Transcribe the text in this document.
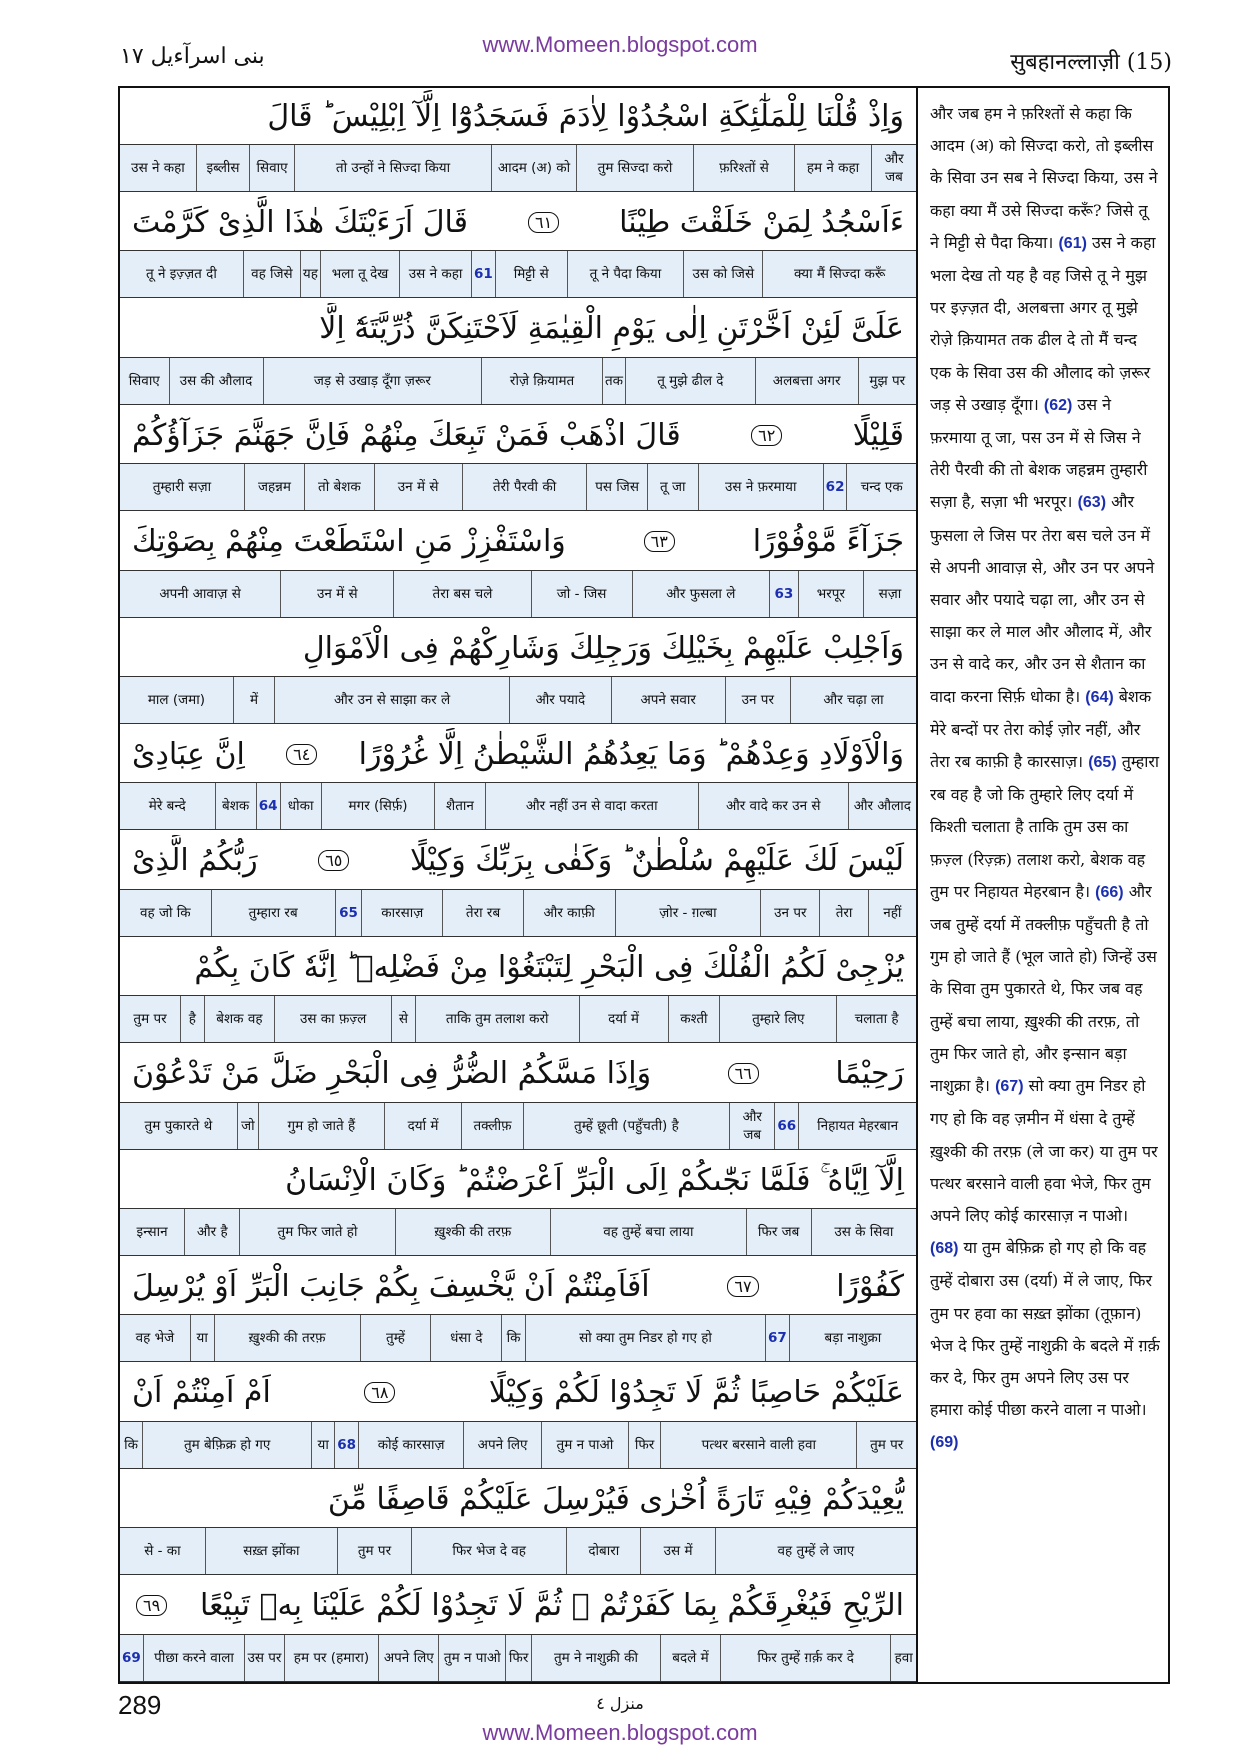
بنی اسرآءیل ۱۷	www.Momeen.blogspot.com
सुबहानल्लाज़ी (15)
وَاِذْ قُلْنَا لِلْمَلٰٓئِكَةِ اسْجُدُوْا لِاٰدَمَ فَسَجَدُوْٓا اِلَّآ اِبْلِيْسَ ؕ قَالَ
और जब
हम ने कहा
फ़रिश्तों से
तुम सिज्दा करो
आदम (अ) को
तो उन्हों ने सिज्दा किया
सिवाए
इब्लीस
उस ने कहा
ءَاَسْجُدُ لِمَنْ خَلَقْتَ طِيْنًا
٦١
قَالَ اَرَءَيْتَكَ هٰذَا الَّذِىْ كَرَّمْتَ
क्या मैं सिज्दा करूँ
उस को जिसे
तू ने पैदा किया
मिट्टी से
61
उस ने कहा
भला तू देख
यह
वह जिसे
तू ने इज़्ज़त दी
عَلَىَّ لَئِنْ اَخَّرْتَنِ اِلٰى يَوْمِ الْقِيٰمَةِ لَاَحْتَنِكَنَّ ذُرِّيَّتَهٗٓ اِلَّا
मुझ पर
अलबत्ता अगर
तू मुझे ढील दे
तक
रोज़े क़ियामत
जड़ से उखाड़ दूँगा ज़रूर
उस की औलाद
सिवाए
قَلِيْلًا
٦٢
قَالَ اذْهَبْ فَمَنْ تَبِعَكَ مِنْهُمْ فَاِنَّ جَهَنَّمَ جَزَآؤُكُمْ
चन्द एक
62
उस ने फ़रमाया
तू जा
पस जिस
तेरी पैरवी की
उन में से
तो बेशक
जहन्नम
तुम्हारी सज़ा
جَزَآءً مَّوْفُوْرًا
٦٣
وَاسْتَفْزِزْ مَنِ اسْتَطَعْتَ مِنْهُمْ بِصَوْتِكَ
सज़ा
भरपूर
63
और फुसला ले
जो - जिस
तेरा बस चले
उन में से
अपनी आवाज़ से
وَاَجْلِبْ عَلَيْهِمْ بِخَيْلِكَ وَرَجِلِكَ وَشَارِكْهُمْ فِى الْاَمْوَالِ
और चढ़ा ला
उन पर
अपने सवार
और पयादे
और उन से साझा कर ले
में
माल (जमा)
وَالْاَوْلَادِ وَعِدْهُمْ ؕ وَمَا يَعِدُهُمُ الشَّيْطٰنُ اِلَّا غُرُوْرًا
٦٤
اِنَّ عِبَادِىْ
और औलाद
और वादे कर उन से
और नहीं उन से वादा करता
शैतान
मगर (सिर्फ़)
धोका
64
बेशक
मेरे बन्दे
لَيْسَ لَكَ عَلَيْهِمْ سُلْطٰنٌ ؕ وَكَفٰى بِرَبِّكَ وَكِيْلًا
٦٥
رَبُّكُمُ الَّذِىْ
नहीं
तेरा
उन पर
ज़ोर - ग़ल्बा
और काफ़ी
तेरा रब
कारसाज़
65
तुम्हारा रब
वह जो कि
يُزْجِىْ لَكُمُ الْفُلْكَ فِى الْبَحْرِ لِتَبْتَغُوْا مِنْ فَضْلِهٖ ؕ اِنَّهٗ كَانَ بِكُمْ
चलाता है
तुम्हारे लिए
कश्ती
दर्या में
ताकि तुम तलाश करो
से
उस का फ़ज़्ल
बेशक वह
है
तुम पर
رَحِيْمًا
٦٦
وَاِذَا مَسَّكُمُ الضُّرُّ فِى الْبَحْرِ ضَلَّ مَنْ تَدْعُوْنَ
निहायत मेहरबान
66
और जब
तुम्हें छूती (पहुँचती) है
तक्लीफ़
दर्या में
गुम हो जाते हैं
जो
तुम पुकारते थे
اِلَّآ اِيَّاهُ ۚ فَلَمَّا نَجّٰىكُمْ اِلَى الْبَرِّ اَعْرَضْتُمْ ؕ وَكَانَ الْاِنْسَانُ
उस के सिवा
फिर जब
वह तुम्हें बचा लाया
ख़ुश्की की तरफ़
तुम फिर जाते हो
और है
इन्सान
كَفُوْرًا
٦٧
اَفَاَمِنْتُمْ اَنْ يَّخْسِفَ بِكُمْ جَانِبَ الْبَرِّ اَوْ يُرْسِلَ
बड़ा नाशुक्रा
67
सो क्या तुम निडर हो गए हो
कि
धंसा दे
तुम्हें
ख़ुश्की की तरफ़
या
वह भेजे
عَلَيْكُمْ حَاصِبًا ثُمَّ لَا تَجِدُوْا لَكُمْ وَكِيْلًا
٦٨
اَمْ اَمِنْتُمْ اَنْ
तुम पर
पत्थर बरसाने वाली हवा
फिर
तुम न पाओ
अपने लिए
कोई कारसाज़
68
या
तुम बेफ़िक्र हो गए
कि
يُّعِيْدَكُمْ فِيْهِ تَارَةً اُخْرٰى فَيُرْسِلَ عَلَيْكُمْ قَاصِفًا مِّنَ
वह तुम्हें ले जाए
उस में
दोबारा
फिर भेज दे वह
तुम पर
सख़्त झोंका
से - का
الرِّيْحِ فَيُغْرِقَكُمْ بِمَا كَفَرْتُمْ ۙ ثُمَّ لَا تَجِدُوْا لَكُمْ عَلَيْنَا بِهٖ تَبِيْعًا
٦٩
हवा
फिर तुम्हें ग़र्क़ कर दे
बदले में
तुम ने नाशुक्री की
फिर
तुम न पाओ
अपने लिए
हम पर (हमारा)
उस पर
पीछा करने वाला
69
और जब हम ने फ़रिश्तों से कहा कि आदम (अ) को सिज्दा करो, तो इब्लीस के सिवा उन सब ने सिज्दा किया, उस ने कहा क्या मैं उसे सिज्दा करूँ? जिसे तू ने मिट्टी से पैदा किया। (61) उस ने कहा भला देख तो यह है वह जिसे तू ने मुझ पर इज़्ज़त दी, अलबत्ता अगर तू मुझे रोज़े क़ियामत तक ढील दे तो मैं चन्द एक के सिवा उस की औलाद को ज़रूर जड़ से उखाड़ दूँगा। (62) उस ने फ़रमाया तू जा, पस उन में से जिस ने तेरी पैरवी की तो बेशक जहन्नम तुम्हारी सज़ा है, सज़ा भी भरपूर। (63) और फुसला ले जिस पर तेरा बस चले उन में से अपनी आवाज़ से, और उन पर अपने सवार और पयादे चढ़ा ला, और उन से साझा कर ले माल और औलाद में, और उन से वादे कर, और उन से शैतान का वादा करना सिर्फ़ धोका है। (64) बेशक मेरे बन्दों पर तेरा कोई ज़ोर नहीं, और तेरा रब काफ़ी है कारसाज़। (65) तुम्हारा रब वह है जो कि तुम्हारे लिए दर्या में किश्ती चलाता है ताकि तुम उस का फ़ज़्ल (रिज़्क़) तलाश करो, बेशक वह तुम पर निहायत मेहरबान है। (66) और जब तुम्हें दर्या में तक्लीफ़ पहुँचती है तो गुम हो जाते हैं (भूल जाते हो) जिन्हें उस के सिवा तुम पुकारते थे, फिर जब वह तुम्हें बचा लाया, ख़ुश्की की तरफ़, तो तुम फिर जाते हो, और इन्सान बड़ा नाशुक्रा है। (67) सो क्या तुम निडर हो गए हो कि वह ज़मीन में धंसा दे तुम्हें ख़ुश्की की तरफ़ (ले जा कर) या तुम पर पत्थर बरसाने वाली हवा भेजे, फिर तुम अपने लिए कोई कारसाज़ न पाओ। (68) या तुम बेफ़िक्र हो गए हो कि वह तुम्हें दोबारा उस (दर्या) में ले जाए, फिर तुम पर हवा का सख़्त झोंका (तूफ़ान) भेज दे फिर तुम्हें नाशुक्री के बदले में ग़र्क़ कर दे, फिर तुम अपने लिए उस पर हमारा कोई पीछा करने वाला न पाओ। (69)
289	منزل ٤
www.Momeen.blogspot.com
